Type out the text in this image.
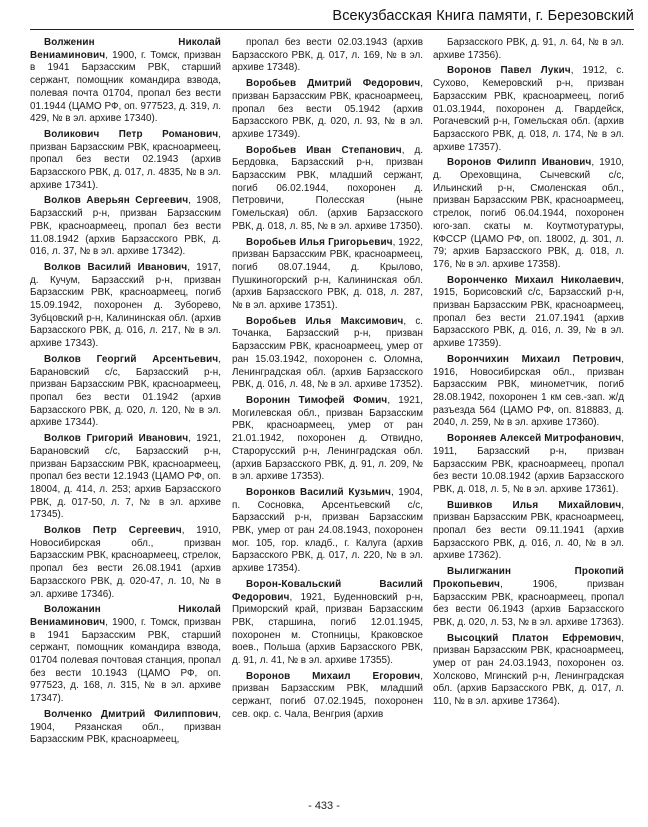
Всекузбасская Книга памяти, г. Березовский

Волженин Николай Вениаминович, 1900, г. Томск, призван в 1941 Барзасским РВК, старший сержант, помощник командира взвода, полевая почта 01704, пропал без вести 01.1944 (ЦАМО РФ, оп. 977523, д. 319, л. 429, № в эл. архиве 17340).

Воликович Петр Романович, призван Барзасским РВК, красноармеец, пропал без вести 02.1943 (архив Барзасского РВК, д. 017, л. 4835, № в эл. архиве 17341).

Волков Аверьян Сергеевич, 1908, Барзасский р-н, призван Барзасским РВК, красноармеец, пропал без вести 11.08.1942 (архив Барзасского РВК, д. 016, л. 37, № в эл. архиве 17342).

Волков Василий Иванович, 1917, д. Кучум, Барзасский р-н, призван Барзасским РВК, красноармеец, погиб 15.09.1942, похоронен д. Зуборево, Зубцовский р-н, Калининская обл. (архив Барзасского РВК, д. 016, л. 217, № в эл. архиве 17343).

Волков Георгий Арсентьевич, Барановский с/с, Барзасский р-н, призван Барзасским РВК, красноармеец, пропал без вести 01.1942 (архив Барзасского РВК, д. 020, л. 120, № в эл. архиве 17344).

Волков Григорий Иванович, 1921, Барановский с/с, Барзасский р-н, призван Барзасским РВК, красноармеец, пропал без вести 12.1943 (ЦАМО РФ, оп. 18004, д. 414, л. 253; архив Барзасского РВК, д. 017-50, л. 7, № в эл. архиве 17345).

Волков Петр Сергеевич, 1910, Новосибирская обл., призван Барзасским РВК, красноармеец, стрелок, пропал без вести 26.08.1941 (архив Барзасского РВК, д. 020-47, л. 10, № в эл. архиве 17346).

Воложанин Николай Вениаминович, 1900, г. Томск, призван в 1941 Барзасским РВК, старший сержант, помощник командира взвода, 01704 полевая почтовая станция, пропал без вести 10.1943 (ЦАМО РФ, оп. 977523, д. 168, л. 315, № в эл. архиве 17347).

Волченко Дмитрий Филиппович, 1904, Рязанская обл., призван Барзасским РВК, красноармеец,

пропал без вести 02.03.1943 (архив Барзасского РВК, д. 017, л. 169, № в эл. архиве 17348).

Воробьев Дмитрий Федорович, призван Барзасским РВК, красноармеец, пропал без вести 05.1942 (архив Барзасского РВК, д. 020, л. 93, № в эл. архиве 17349).

Воробьев Иван Степанович, д. Бердовка, Барзасский р-н, призван Барзасским РВК, младший сержант, погиб 06.02.1944, похоронен д. Петровичи, Полесская (ныне Гомельская) обл. (архив Барзасского РВК, д. 018, л. 85, № в эл. архиве 17350).

Воробьев Илья Григорьевич, 1922, призван Барзасским РВК, красноармеец, погиб 08.07.1944, д. Крылово, Пушкиногорский р-н, Калининская обл. (архив Барзасского РВК, д. 018, л. 287, № в эл. архиве 17351).

Воробьев Илья Максимович, с. Точанка, Барзасский р-н, призван Барзасским РВК, красноармеец, умер от ран 15.03.1942, похоронен с. Оломна, Ленинградская обл. (архив Барзасского РВК, д. 016, л. 48, № в эл. архиве 17352).

Воронин Тимофей Фомич, 1921, Могилевская обл., призван Барзасским РВК, красноармеец, умер от ран 21.01.1942, похоронен д. Отвидно, Старорусский р-н, Ленинградская обл. (архив Барзасского РВК, д. 91, л. 209, № в эл. архиве 17353).

Воронков Василий Кузьмич, 1904, п. Сосновка, Арсентьевский с/с, Барзасский р-н, призван Барзасским РВК, умер от ран 24.08.1943, похоронен мог. 105, гор. кладб., г. Калуга (архив Барзасского РВК, д. 017, л. 220, № в эл. архиве 17354).

Ворон-Ковальский Василий Федорович, 1921, Буденновский р-н, Приморский край, призван Барзасским РВК, старшина, погиб 12.01.1945, похоронен м. Стопницы, Краковское воев., Польша (архив Барзасского РВК, д. 91, л. 41, № в эл. архиве 17355).

Воронов Михаил Егорович, призван Барзасским РВК, младший сержант, погиб 07.02.1945, похоронен сев. окр. с. Чала, Венгрия (архив

Барзасского РВК, д. 91, л. 64, № в эл. архиве 17356).

Воронов Павел Лукич, 1912, с. Сухово, Кемеровский р-н, призван Барзасским РВК, красноармеец, погиб 01.03.1944, похоронен д. Гвардейск, Рогачевский р-н, Гомельская обл. (архив Барзасского РВК, д. 018, л. 174, № в эл. архиве 17357).

Воронов Филипп Иванович, 1910, д. Ореховщина, Сычевский с/с, Ильинский р-н, Смоленская обл., призван Барзасским РВК, красноармеец, стрелок, погиб 06.04.1944, похоронен юго-зап. скаты м. Коутмотуратуры, КФССР (ЦАМО РФ, оп. 18002, д. 301, л. 79; архив Барзасского РВК, д. 018, л. 176, № в эл. архиве 17358).

Воронченко Михаил Николаевич, 1915, Борисовский с/с, Барзасский р-н, призван Барзасским РВК, красноармеец, пропал без вести 21.07.1941 (архив Барзасского РВК, д. 016, л. 39, № в эл. архиве 17359).

Ворончихин Михаил Петрович, 1916, Новосибирская обл., призван Барзасским РВК, минометчик, погиб 28.08.1942, похоронен 1 км сев.-зап. ж/д разъезда 564 (ЦАМО РФ, оп. 818883, д. 2040, л. 259, № в эл. архиве 17360).

Вороняев Алексей Митрофанович, 1911, Барзасский р-н, призван Барзасским РВК, красноармеец, пропал без вести 10.08.1942 (архив Барзасского РВК, д. 018, л. 5, № в эл. архиве 17361).

Вшивков Илья Михайлович, призван Барзасским РВК, красноармеец, пропал без вести 09.11.1941 (архив Барзасского РВК, д. 016, л. 40, № в эл. архиве 17362).

Вылигжанин Прокопий Прокопьевич, 1906, призван Барзасским РВК, красноармеец, пропал без вести 06.1943 (архив Барзасского РВК, д. 020, л. 53, № в эл. архиве 17363).

Высоцкий Платон Ефремович, призван Барзасским РВК, красноармеец, умер от ран 24.03.1943, похоронен оз. Холсково, Мгинский р-н, Ленинградская обл. (архив Барзасского РВК, д. 017, л. 110, № в эл. архиве 17364).

- 433 -
